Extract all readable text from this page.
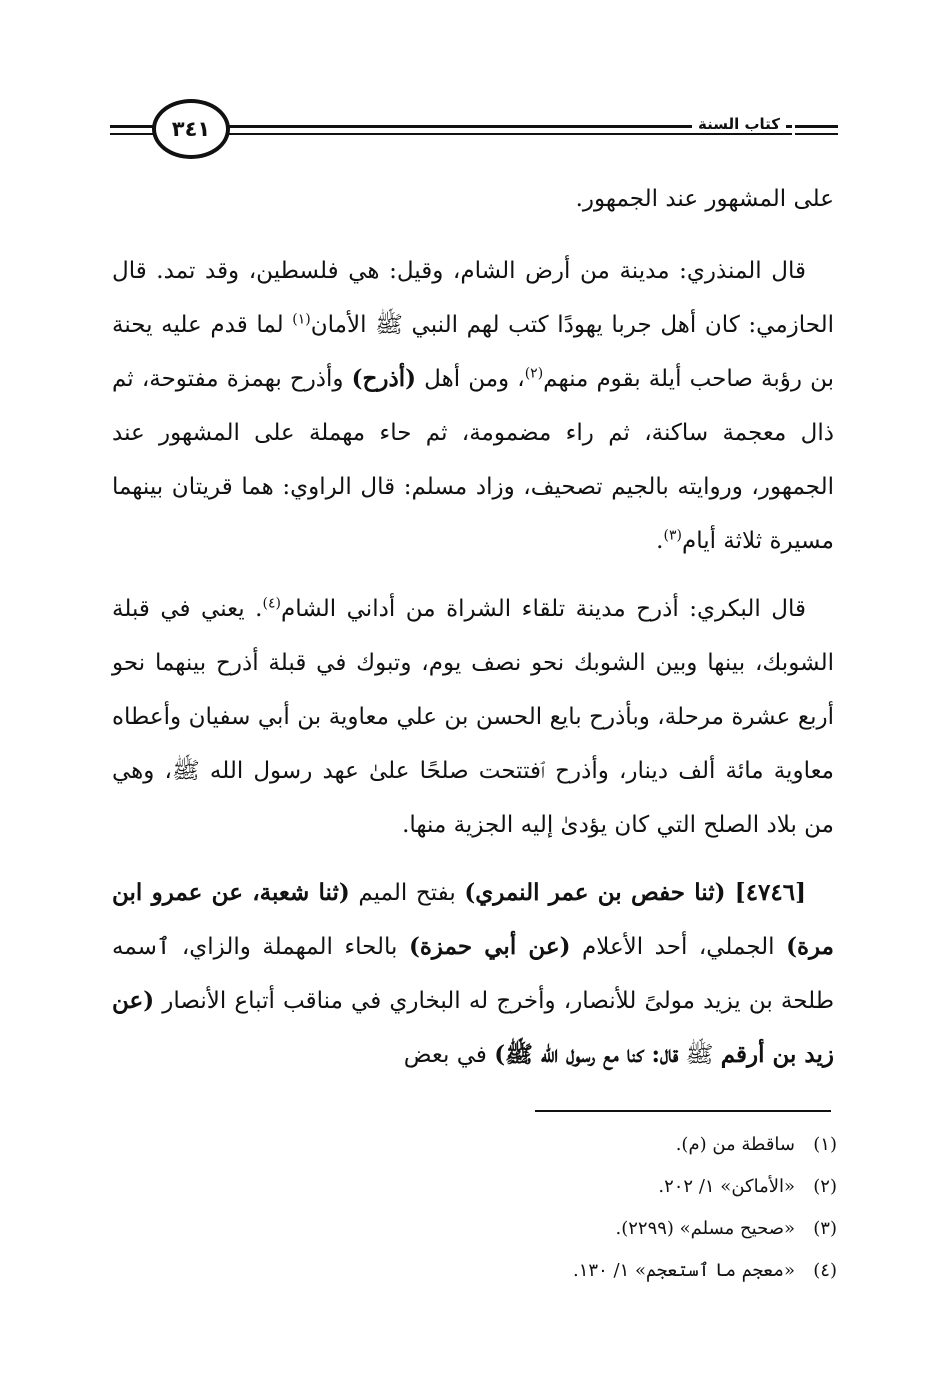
٣٤١	كتاب السنة

على المشهور عند الجمهور.

قال المنذري: مدينة من أرض الشام، وقيل: هي فلسطين، وقد تمد. قال الحازمي: كان أهل جربا يهودًا كتب لهم النبي ﷺ الأمان$^{(١)}$ لما قدم عليه يحنة بن رؤبة صاحب أيلة بقوم منهم$^{(٢)}$، ومن أهل (أذرح) وأذرح بهمزة مفتوحة، ثم ذال معجمة ساكنة، ثم راء مضمومة، ثم حاء مهملة على المشهور عند الجمهور، وروايته بالجيم تصحيف، وزاد مسلم: قال الراوي: هما قريتان بينهما مسيرة ثلاثة أيام$^{(٣)}$.

قال البكري: أذرح مدينة تلقاء الشراة من أداني الشام$^{(٤)}$. يعني في قبلة الشوبك، بينها وبين الشوبك نحو نصف يوم، وتبوك في قبلة أذرح بينهما نحو أربع عشرة مرحلة، وبأذرح بايع الحسن بن علي معاوية بن أبي سفيان وأعطاه معاوية مائة ألف دينار، وأذرح ٱفتتحت صلحًا علىٰ عهد رسول الله ﷺ، وهي من بلاد الصلح التي كان يؤدىٰ إليه الجزية منها.

[٤٧٤٦] (ثنا حفص بن عمر النمري) بفتح الميم (ثنا شعبة، عن عمرو ابن مرة) الجملي، أحد الأعلام (عن أبي حمزة) بالحاء المهملة والزاي، ٱسمه طلحة بن يزيد مولىً للأنصار، وأخرج له البخاري في مناقب أتباع الأنصار (عن زيد بن أرقم ﷺ قال: كنا مع رسول الله ﷺ) في بعض

(١)
ساقطة من (م).
(٢)
«الأماكن» ١/ ٢٠٢.
(٣)
«صحيح مسلم» (٢٢٩٩).
(٤)
«معجم ما ٱستعجم» ١/ ١٣٠.
